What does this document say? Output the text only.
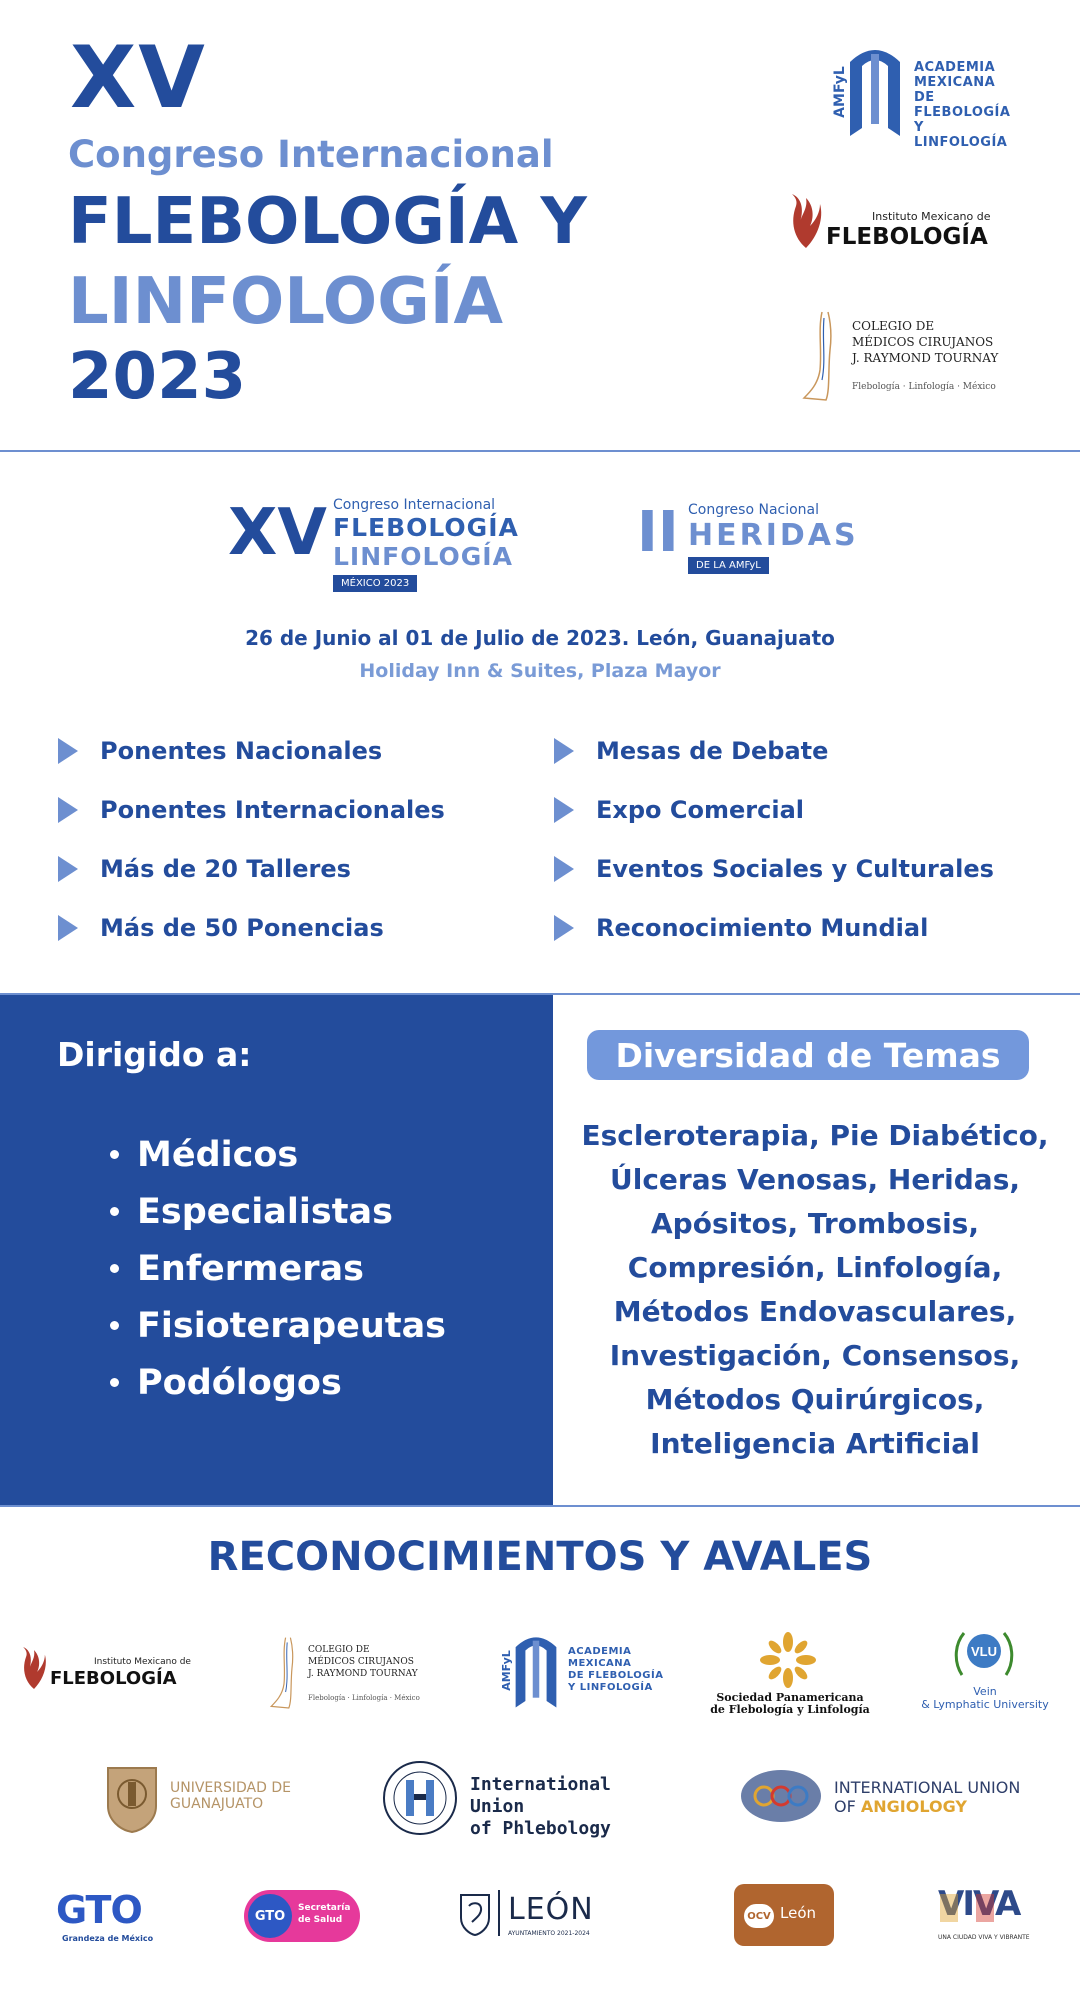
XV
Congreso Internacional
FLEBOLOGÍA Y
LINFOLOGÍA
2023
AMFyL	ACADEMIA
MEXICANA
DE FLEBOLOGÍA
Y LINFOLOGÍA
Instituto Mexicano de
FLEBOLOGÍA
COLEGIO DE
MÉDICOS CIRUJANOS
J. RAYMOND TOURNAY
Flebología · Linfología · México
XV Congreso Internacional
FLEBOLOGÍA
LINFOLOGÍA
MÉXICO 2023
II Congreso Nacional
HERIDAS
DE LA AMFyL
26 de Junio al 01 de Julio de 2023. León, Guanajuato
Holiday Inn & Suites, Plaza Mayor
Ponentes Nacionales
Ponentes Internacionales
Más de 20 Talleres
Más de 50 Ponencias
Mesas de Debate
Expo Comercial
Eventos Sociales y Culturales
Reconocimiento Mundial
Dirigido a:
Médicos
Especialistas
Enfermeras
Fisioterapeutas
Podólogos
Diversidad de Temas
Escleroterapia, Pie Diabético,
Úlceras Venosas, Heridas,
Apósitos, Trombosis,
Compresión, Linfología,
Métodos Endovasculares,
Investigación, Consensos,
Métodos Quirúrgicos,
Inteligencia Artificial
RECONOCIMIENTOS Y AVALES
Instituto Mexicano de
FLEBOLOGÍA
COLEGIO DE
MÉDICOS CIRUJANOS
J. RAYMOND TOURNAY
Flebología · Linfología · México
AMFyL	ACADEMIA
MEXICANA
DE FLEBOLOGÍA
Y LINFOLOGÍA
Sociedad Panamericana
de Flebología y Linfología
VLU
Vein
& Lymphatic University
UNIVERSIDAD DE
GUANAJUATO
International Union
of Phlebology
INTERNATIONAL UNION
OF ANGIOLOGY
GTO
Grandeza de México
GTO
Secretaría
de Salud	LEÓN
AYUNTAMIENTO 2021-2024
OCV León	VIVA
UNA CIUDAD VIVA Y VIBRANTE
